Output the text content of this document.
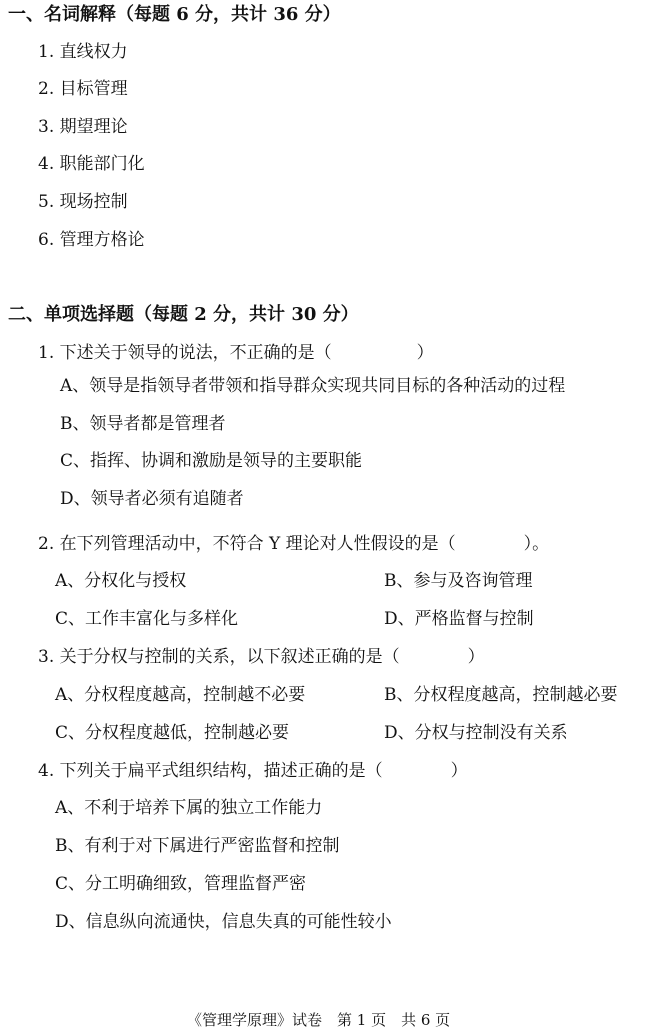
一、名词解释（每题 6 分，共计 36 分）
1. 直线权力
2. 目标管理
3. 期望理论
4. 职能部门化
5. 现场控制
6. 管理方格论
二、单项选择题（每题 2 分，共计 30 分）
1. 下述关于领导的说法，不正确的是（　　　　　）
A、领导是指领导者带领和指导群众实现共同目标的各种活动的过程
B、领导者都是管理者
C、指挥、协调和激励是领导的主要职能
D、领导者必须有追随者
2. 在下列管理活动中，不符合 Y 理论对人性假设的是（　　　　）。
A、分权化与授权	B、参与及咨询管理
C、工作丰富化与多样化	D、严格监督与控制
3. 关于分权与控制的关系，以下叙述正确的是（　　　　）
A、分权程度越高，控制越不必要	B、分权程度越高，控制越必要
C、分权程度越低，控制越必要	D、分权与控制没有关系
4. 下列关于扁平式组织结构，描述正确的是（　　　　）
A、不利于培养下属的独立工作能力
B、有利于对下属进行严密监督和控制
C、分工明确细致，管理监督严密
D、信息纵向流通快，信息失真的可能性较小
《管理学原理》试卷　第 1 页　共 6 页
